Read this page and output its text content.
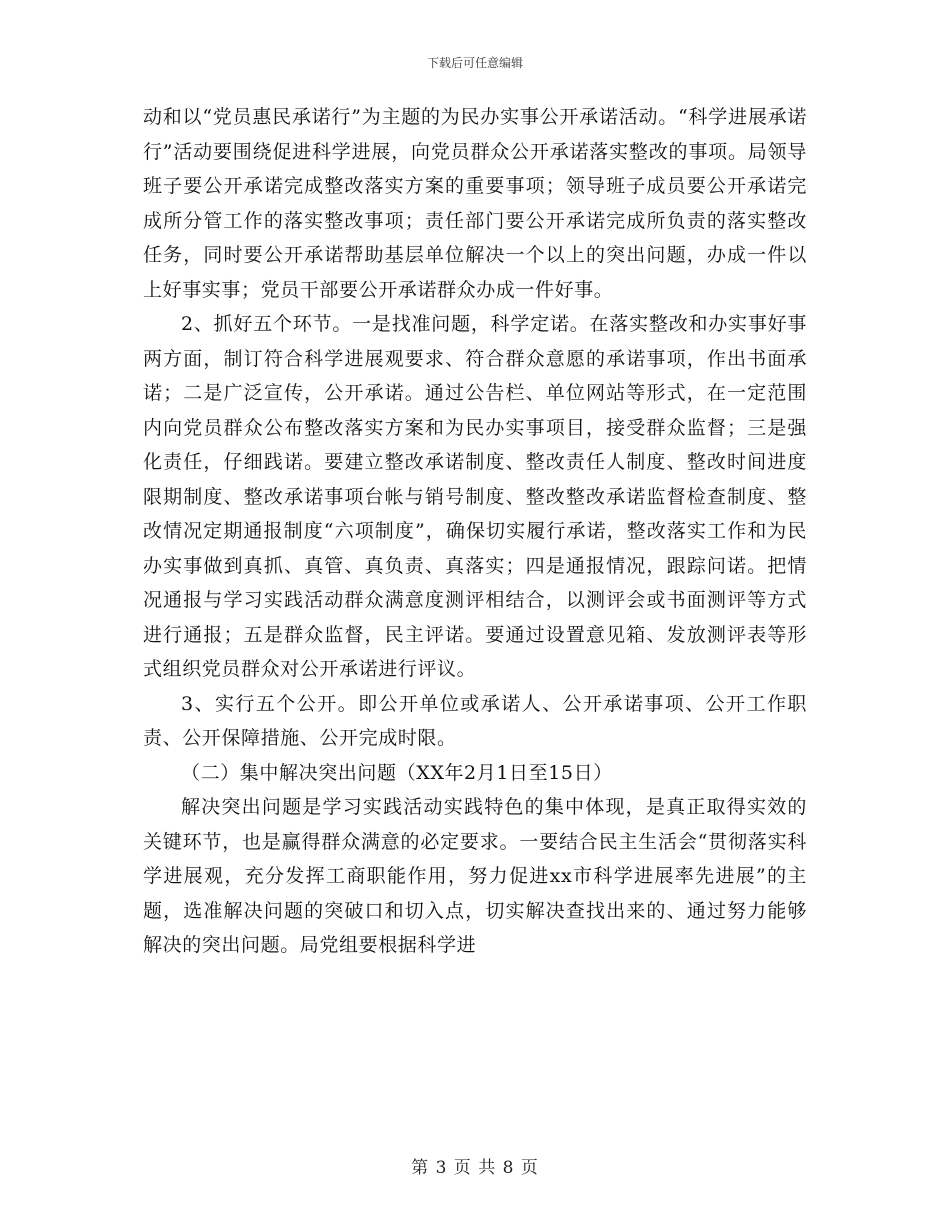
下载后可任意编辑

动和以“党员惠民承诺行”为主题的为民办实事公开承诺活动。“科学进展承诺行”活动要围绕促进科学进展，向党员群众公开承诺落实整改的事项。局领导班子要公开承诺完成整改落实方案的重要事项；领导班子成员要公开承诺完成所分管工作的落实整改事项；责任部门要公开承诺完成所负责的落实整改任务，同时要公开承诺帮助基层单位解决一个以上的突出问题，办成一件以上好事实事；党员干部要公开承诺群众办成一件好事。

2、抓好五个环节。一是找准问题，科学定诺。在落实整改和办实事好事两方面，制订符合科学进展观要求、符合群众意愿的承诺事项，作出书面承诺；二是广泛宣传，公开承诺。通过公告栏、单位网站等形式，在一定范围内向党员群众公布整改落实方案和为民办实事项目，接受群众监督；三是强化责任，仔细践诺。要建立整改承诺制度、整改责任人制度、整改时间进度限期制度、整改承诺事项台帐与销号制度、整改整改承诺监督检查制度、整改情况定期通报制度“六项制度”，确保切实履行承诺，整改落实工作和为民办实事做到真抓、真管、真负责、真落实；四是通报情况，跟踪问诺。把情况通报与学习实践活动群众满意度测评相结合，以测评会或书面测评等方式进行通报；五是群众监督，民主评诺。要通过设置意见箱、发放测评表等形式组织党员群众对公开承诺进行评议。

3、实行五个公开。即公开单位或承诺人、公开承诺事项、公开工作职责、公开保障措施、公开完成时限。

（二）集中解决突出问题（XX年2月1日至15日）

解决突出问题是学习实践活动实践特色的集中体现，是真正取得实效的关键环节，也是赢得群众满意的必定要求。一要结合民主生活会“贯彻落实科学进展观，充分发挥工商职能作用，努力促进xx市科学进展率先进展”的主题，选准解决问题的突破口和切入点，切实解决查找出来的、通过努力能够解决的突出问题。局党组要根据科学进

第 3 页 共 8 页
